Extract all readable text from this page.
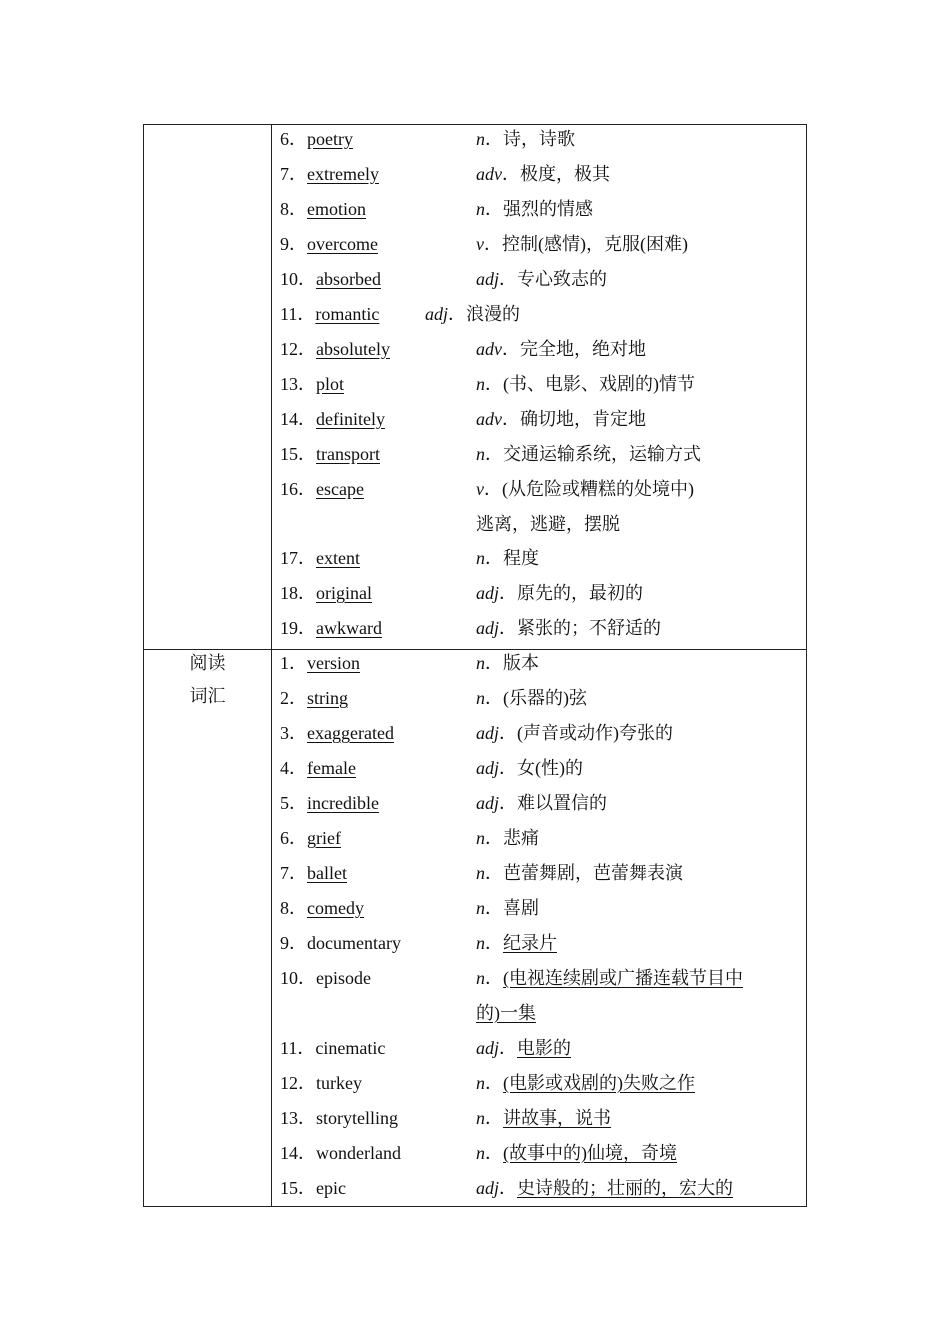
6．poetry	n．诗，诗歌
7．extremely	adv．极度，极其
8．emotion	n．强烈的情感
9．overcome	v．控制(感情)，克服(困难)
10．absorbed	adj．专心致志的
11．romantic	adj．浪漫的
12．absolutely	adv．完全地，绝对地
13．plot	n．(书、电影、戏剧的)情节
14．definitely	adv．确切地，肯定地
15．transport	n．交通运输系统，运输方式
16．escape	v．(从危险或糟糕的处境中)
逃离，逃避，摆脱
17．extent	n．程度
18．original	adj．原先的，最初的
19．awkward	adj．紧张的；不舒适的
阅读
词汇
1．version	n．版本
2．string	n．(乐器的)弦
3．exaggerated	adj．(声音或动作)夸张的
4．female	adj．女(性)的
5．incredible	adj．难以置信的
6．grief	n．悲痛
7．ballet	n．芭蕾舞剧，芭蕾舞表演
8．comedy	n．喜剧
9．documentary	n．纪录片
10．episode	n．(电视连续剧或广播连载节目中
的)一集
11．cinematic	adj．电影的
12．turkey	n．(电影或戏剧的)失败之作
13．storytelling	n．讲故事，说书
14．wonderland	n．(故事中的)仙境，奇境
15．epic	adj．史诗般的；壮丽的，宏大的
